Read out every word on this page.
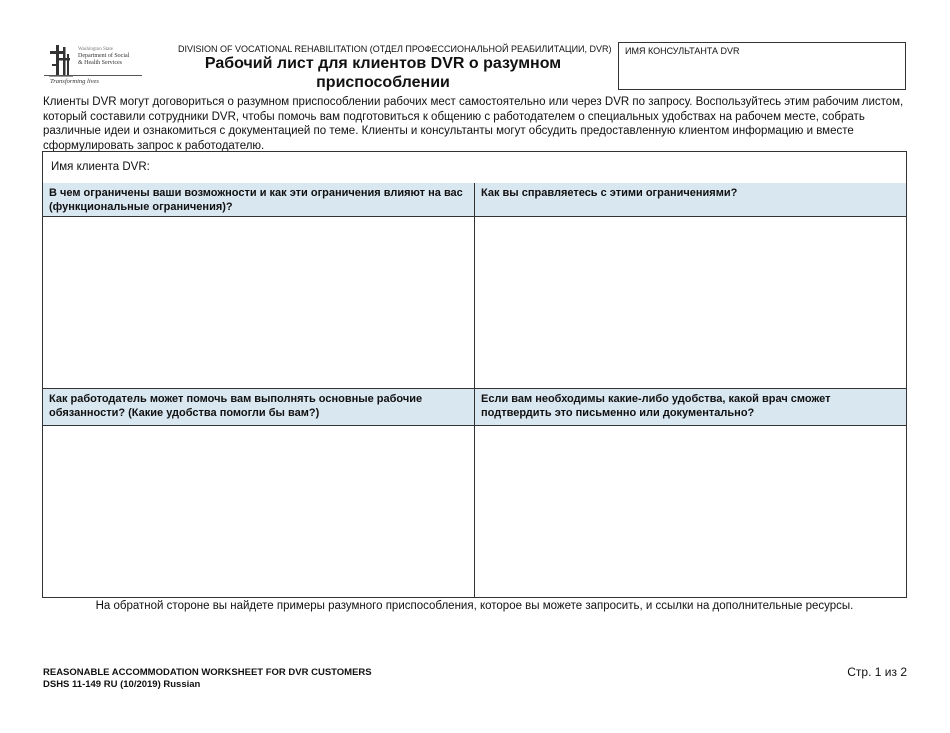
Washington State
Department of Social
& Health Services
Transforming lives
DIVISION OF VOCATIONAL REHABILITATION (ОТДЕЛ ПРОФЕССИОНАЛЬНОЙ РЕАБИЛИТАЦИИ, DVR)
Рабочий лист для клиентов DVR о разумном
приспособлении
ИМЯ КОНСУЛЬТАНТА DVR
Клиенты DVR могут договориться о разумном приспособлении рабочих мест самостоятельно или через DVR по запросу. Воспользуйтесь этим рабочим листом, который составили сотрудники DVR, чтобы помочь вам подготовиться к общению с работодателем о специальных удобствах на рабочем месте, собрать различные идеи и ознакомиться с документацией по теме. Клиенты и консультанты могут обсудить предоставленную клиентом информацию и вместе сформулировать запрос к работодателю.
Имя клиента DVR:
В чем ограничены ваши возможности и как эти ограничения влияют на вас (функциональные ограничения)?
Как вы справляетесь с этими ограничениями?
Как работодатель может помочь вам выполнять основные рабочие обязанности? (Какие удобства помогли бы вам?)
Если вам необходимы какие-либо удобства, какой врач сможет подтвердить это письменно или документально?
На обратной стороне вы найдете примеры разумного приспособления, которое вы можете запросить, и ссылки на дополнительные ресурсы.
REASONABLE ACCOMMODATION WORKSHEET FOR DVR CUSTOMERS
DSHS 11-149 RU (10/2019) Russian
Стр. 1 из 2
